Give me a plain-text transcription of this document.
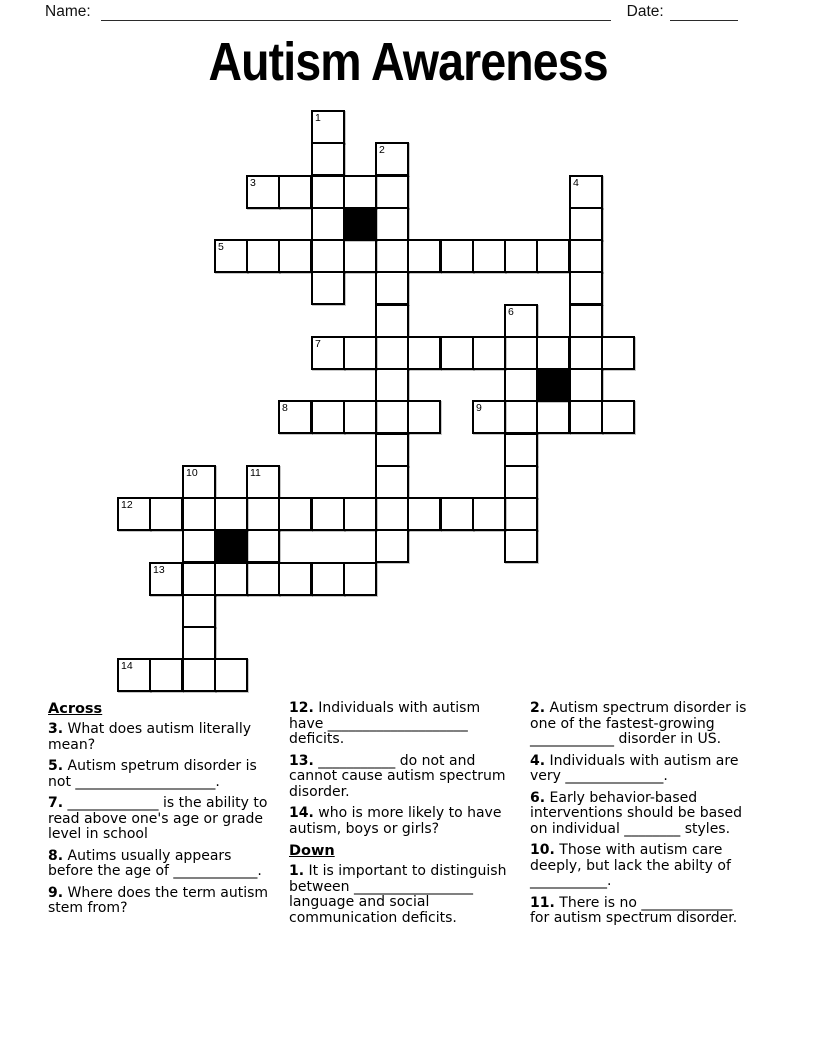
Name:	Date:
Autism Awareness
1
2
3	4
5
6
7
8	9
10	11
12
13
14
Across

3. What does autism literally mean?

5. Autism spetrum disorder is not ____________________.

7. _____________ is the ability to read above one's age or grade level in school

8. Autims usually appears before the age of ____________.

9. Where does the term autism stem from?

12. Individuals with autism have ____________________ deficits.

13. ___________ do not and cannot cause autism spectrum disorder.

14. who is more likely to have autism, boys or girls?

Down

1. It is important to distinguish between _________________ language and social communication deficits.

2. Autism spectrum disorder is one of the fastest-growing ____________ disorder in US.

4. Individuals with autism are very ______________.

6. Early behavior-based interventions should be based on individual ________ styles.

10. Those with autism care deeply, but lack the abilty of ___________.

11. There is no _____________ for autism spectrum disorder.
